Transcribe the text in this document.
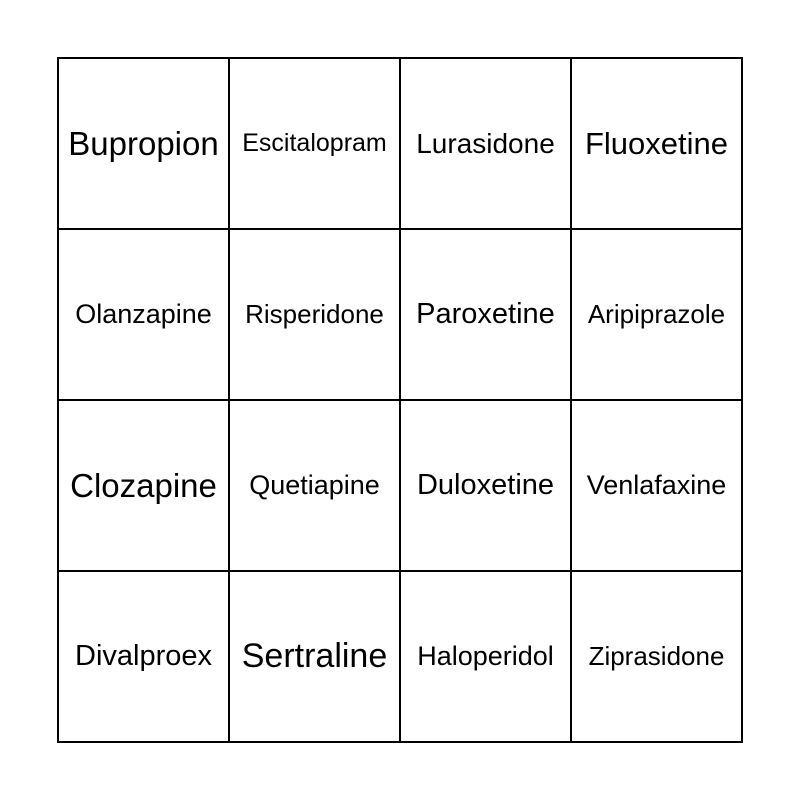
Bupropion Escitalopram Lurasidone Fluoxetine
Olanzapine Risperidone Paroxetine Aripiprazole
Clozapine Quetiapine Duloxetine Venlafaxine
Divalproex Sertraline Haloperidol Ziprasidone
